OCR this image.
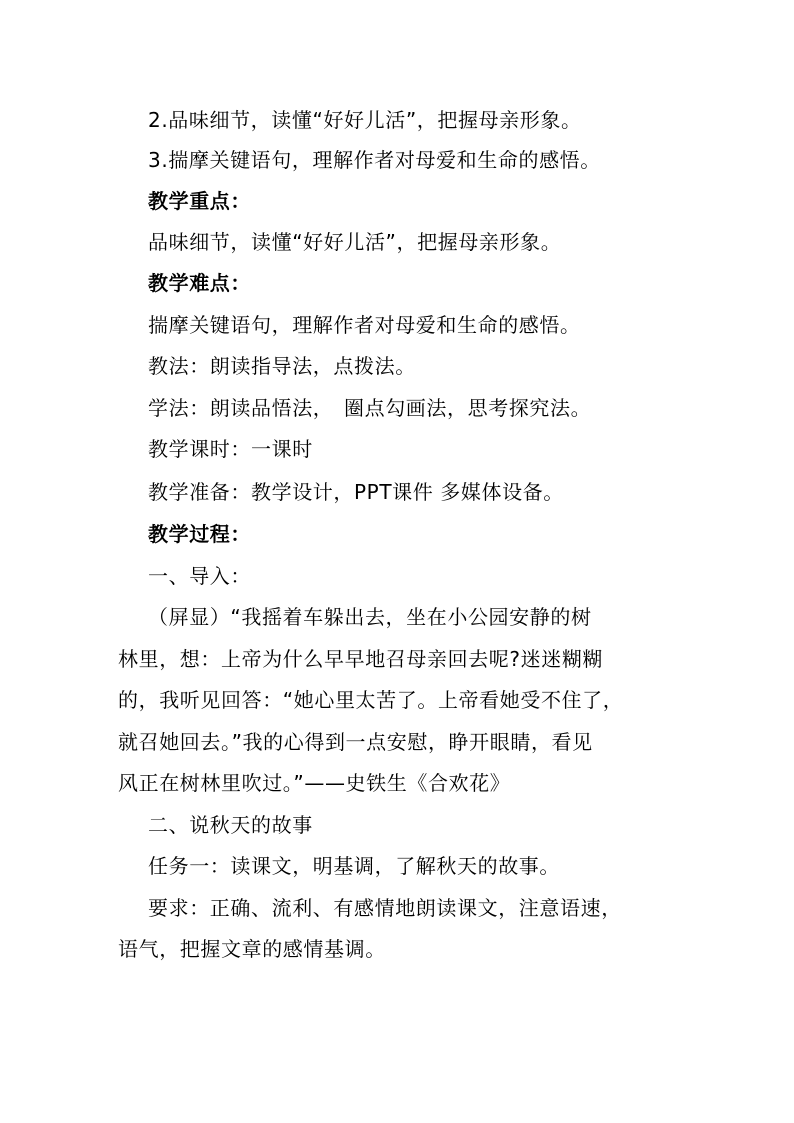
2.品味细节，读懂“好好儿活”，把握母亲形象。
3.揣摩关键语句，理解作者对母爱和生命的感悟。
教学重点：
品味细节，读懂“好好儿活”，把握母亲形象。
教学难点：
揣摩关键语句，理解作者对母爱和生命的感悟。
教法：朗读指导法，点拨法。
学法：朗读品悟法，　圈点勾画法，思考探究法。
教学课时：一课时
教学准备：教学设计，PPT课件 多媒体设备。
教学过程：
一、导入：
（屏显）“我摇着车躲出去，坐在小公园安静的树
林里，想：上帝为什么早早地召母亲回去呢?迷迷糊糊
的，我听见回答：“她心里太苦了。上帝看她受不住了，
就召她回去。”我的心得到一点安慰，睁开眼睛，看见
风正在树林里吹过。”——史铁生《合欢花》
二、说秋天的故事
任务一：读课文，明基调，了解秋天的故事。
要求：正确、流利、有感情地朗读课文，注意语速，
语气，把握文章的感情基调。
